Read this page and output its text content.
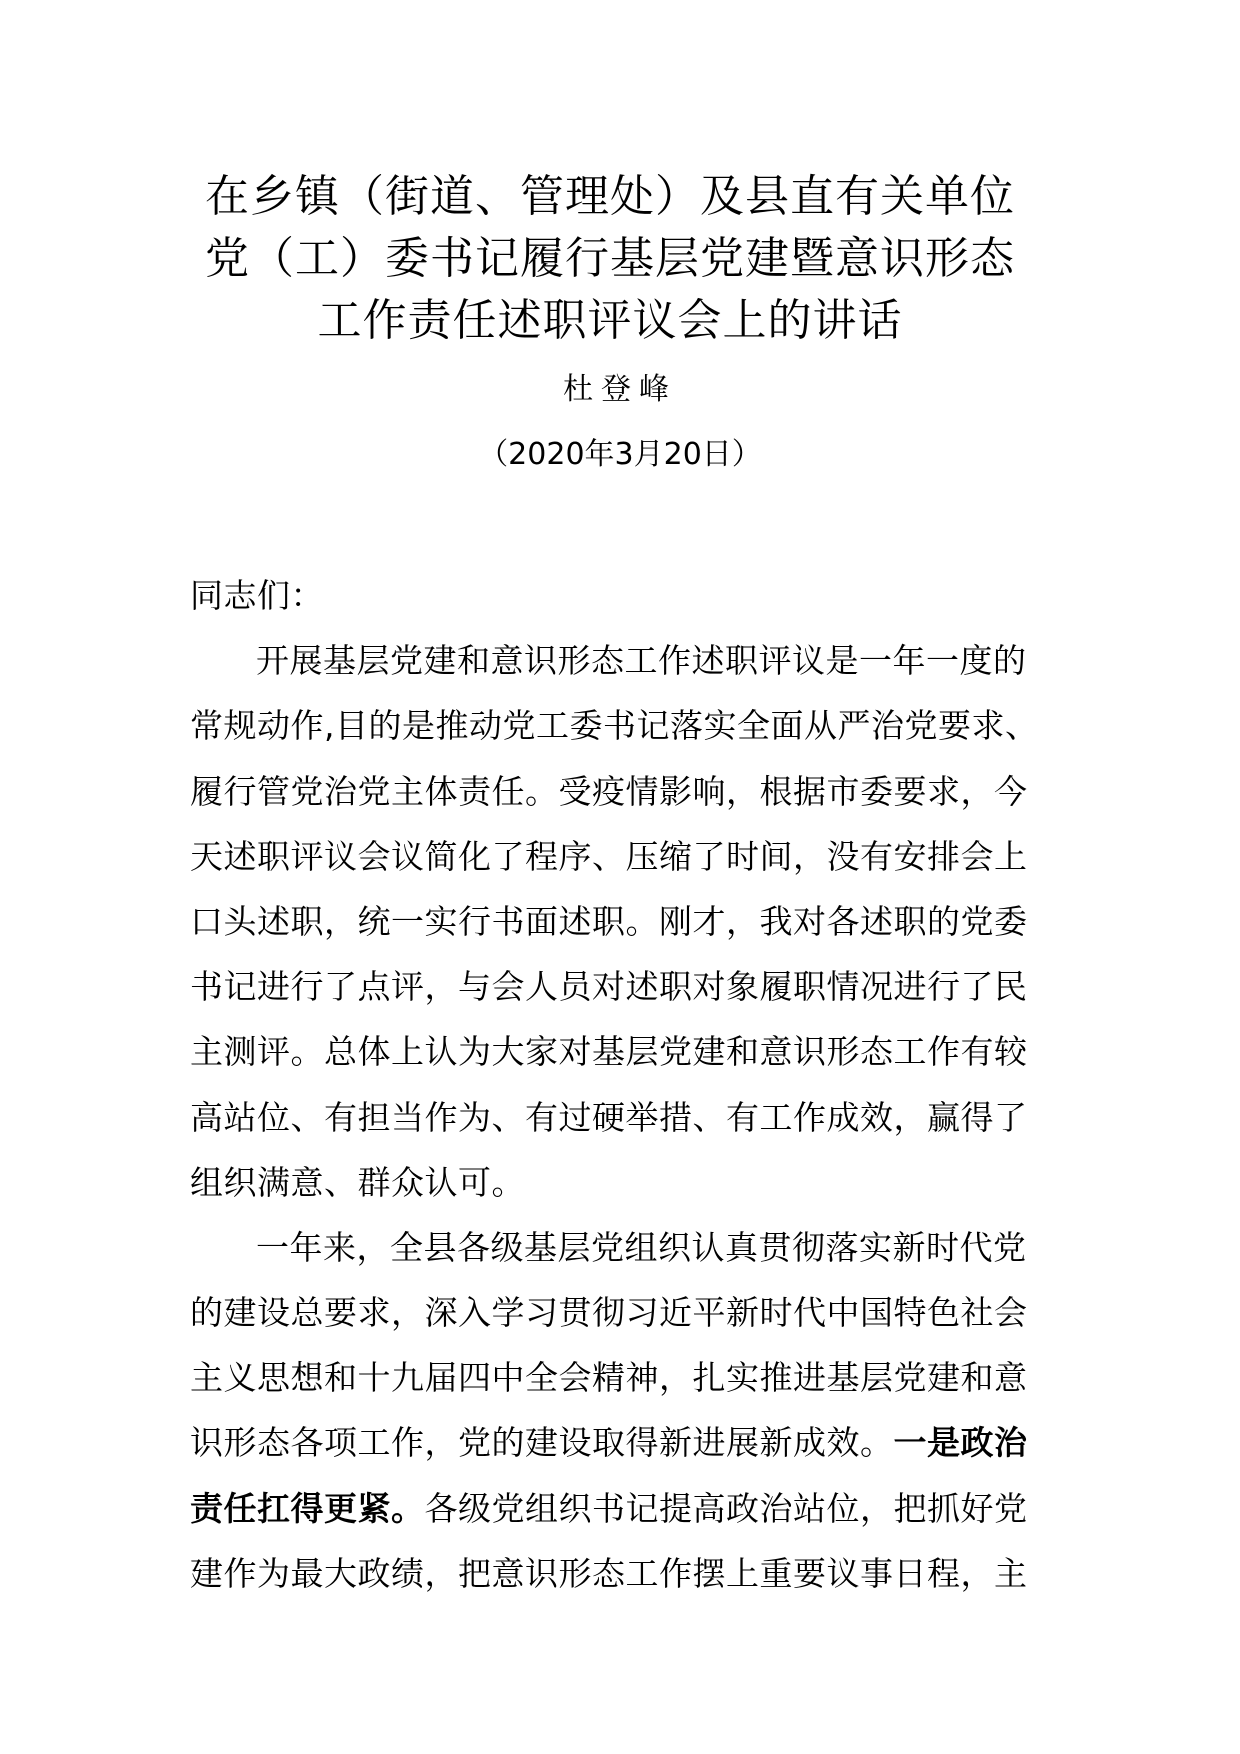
在乡镇（街道、管理处）及县直有关单位
党（工）委书记履行基层党建暨意识形态
工作责任述职评议会上的讲话
杜登峰
（2020年3月20日）
同志们：
开展基层党建和意识形态工作述职评议是一年一度的
常规动作,目的是推动党工委书记落实全面从严治党要求、
履行管党治党主体责任。受疫情影响，根据市委要求，今
天述职评议会议简化了程序、压缩了时间，没有安排会上
口头述职，统一实行书面述职。刚才，我对各述职的党委
书记进行了点评，与会人员对述职对象履职情况进行了民
主测评。总体上认为大家对基层党建和意识形态工作有较
高站位、有担当作为、有过硬举措、有工作成效，赢得了
组织满意、群众认可。
一年来，全县各级基层党组织认真贯彻落实新时代党
的建设总要求，深入学习贯彻习近平新时代中国特色社会
主义思想和十九届四中全会精神，扎实推进基层党建和意
识形态各项工作，党的建设取得新进展新成效。一是政治
责任扛得更紧。各级党组织书记提高政治站位，把抓好党
建作为最大政绩，把意识形态工作摆上重要议事日程，主
